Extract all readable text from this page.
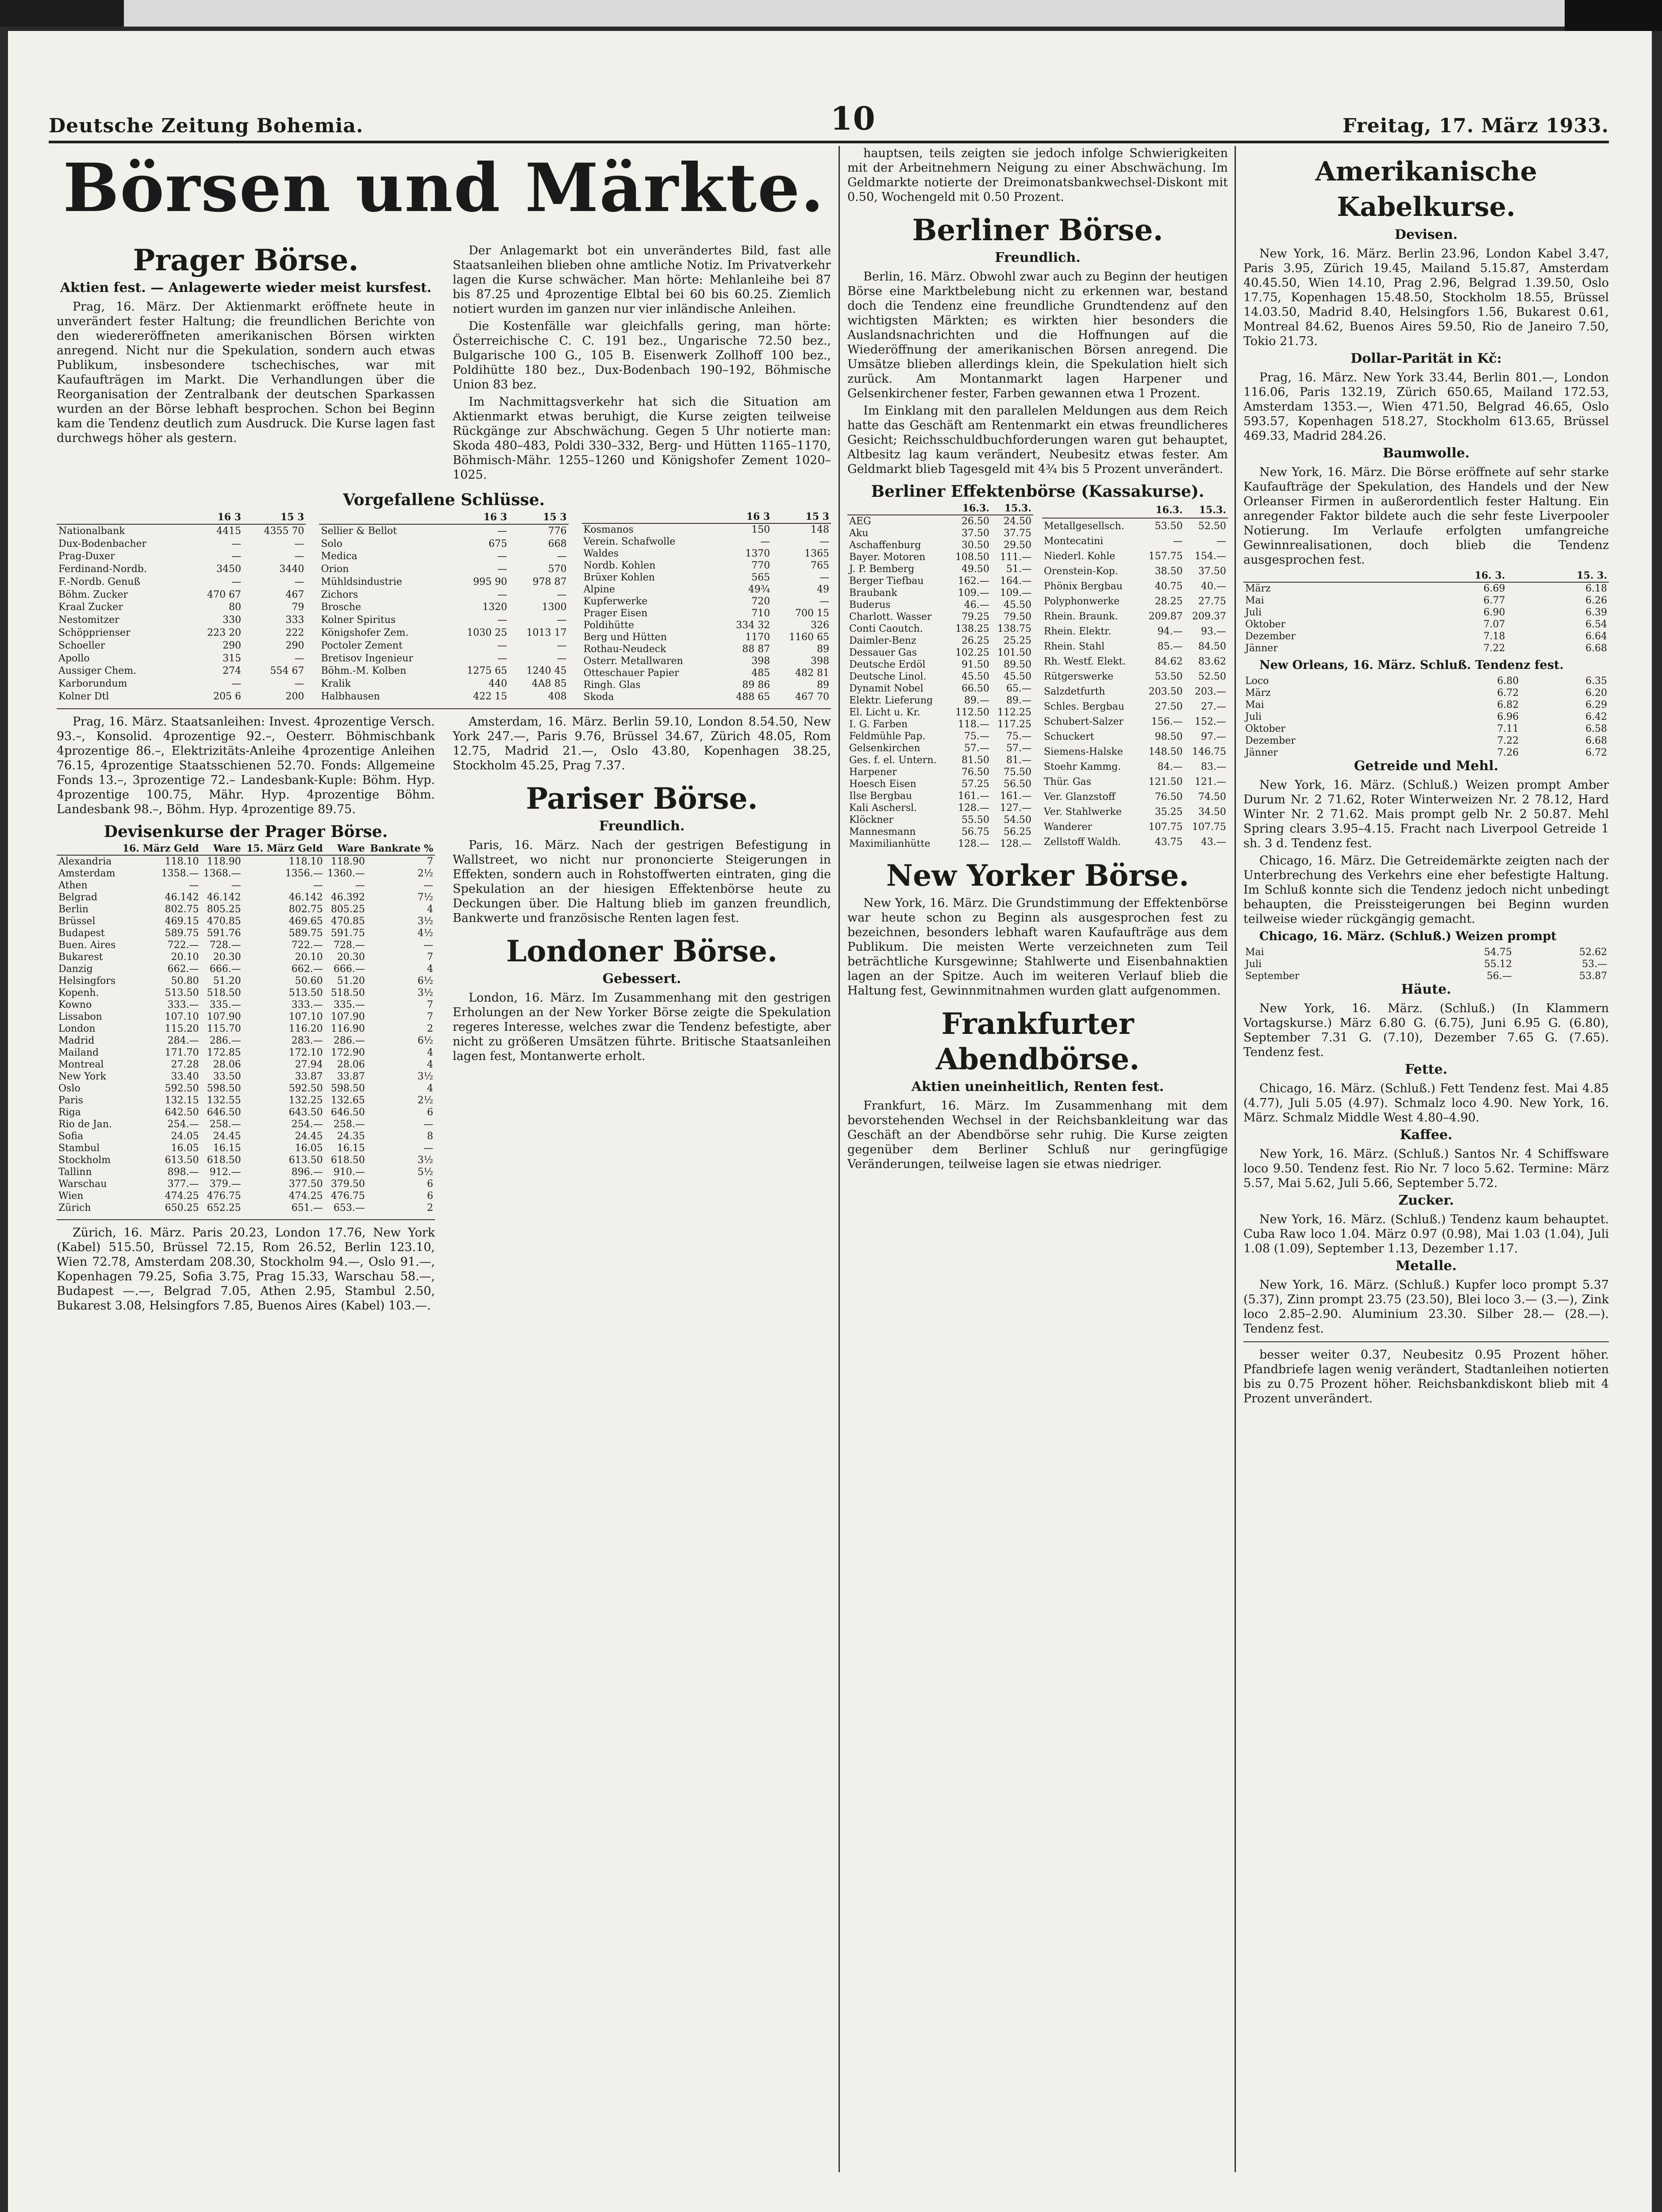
Deutsche Zeitung Bohemia.	10	Freitag, 17. März 1933.
Börsen und Märkte.
Prager Börse.
Aktien fest. — Anlagewerte wieder meist kursfest.

Prag, 16. März. Der Aktienmarkt eröffnete heute in unverändert fester Haltung; die freundlichen Berichte von den wiedereröffneten amerikanischen Börsen wirkten anregend. Nicht nur die Spekulation, sondern auch etwas Publikum, insbesondere tschechisches, war mit Kaufaufträgen im Markt. Die Verhandlungen über die Reorganisation der Zentralbank der deutschen Sparkassen wurden an der Börse lebhaft besprochen. Schon bei Beginn kam die Tendenz deutlich zum Ausdruck. Die Kurse lagen fast durchwegs höher als gestern.

Der Anlagemarkt bot ein unverändertes Bild, fast alle Staatsanleihen blieben ohne amtliche Notiz. Im Privatverkehr lagen die Kurse schwächer. Man hörte: Mehlanleihe bei 87 bis 87.25 und 4prozentige Elbtal bei 60 bis 60.25. Ziemlich notiert wurden im ganzen nur vier inländische Anleihen.

Die Kostenfälle war gleichfalls gering, man hörte: Österreichische C. C. 191 bez., Ungarische 72.50 bez., Bulgarische 100 G., 105 B. Eisenwerk Zollhoff 100 bez., Poldihütte 180 bez., Dux-Bodenbach 190–192, Böhmische Union 83 bez.

Im Nachmittagsverkehr hat sich die Situation am Aktienmarkt etwas beruhigt, die Kurse zeigten teilweise Rückgänge zur Abschwächung. Gegen 5 Uhr notierte man: Skoda 480–483, Poldi 330–332, Berg- und Hütten 1165–1170, Böhmisch-Mähr. 1255–1260 und Königshofer Zement 1020–1025.

Vorgefallene Schlüsse.
	16 3	15 3
Nationalbank	4415	4355 70
Dux-Bodenbacher	—	—
Prag-Duxer	—	—
Ferdinand-Nordb.	3450	3440
F.-Nordb. Genuß	—	—
Böhm. Zucker	470 67	467
Kraal Zucker	80	79
Nestomitzer	330	333
Schöpprienser	223 20	222
Schoeller	290	290
Apollo	315	—
Aussiger Chem.	274	554 67
Karborundum	—	—
Kolner Dtl	205 6	200
	16 3	15 3
Sellier & Bellot	—	776
Solo	675	668
Medica	—	—
Orion	—	570
Mühldsindustrie	995 90	978 87
Zichors	—	—
Brosche	1320	1300
Kolner Spiritus	—	—
Königshofer Zem.	1030 25	1013 17
Poctoler Zement	—	—
Bretisov Ingenieur	—	—
Böhm.-M. Kolben	1275 65	1240 45
Kralik	440	4A8 85
Halbhausen	422 15	408
	16 3	15 3
Kosmanos	150	148
Verein. Schafwolle	—	—
Waldes	1370	1365
Nordb. Kohlen	770	765
Brüxer Kohlen	565	—
Alpine	49¾	49
Kupferwerke	720	—
Prager Eisen	710	700 15
Poldihütte	334 32	326
Berg und Hütten	1170	1160 65
Rothau-Neudeck	88 87	89
Osterr. Metallwaren	398	398
Otteschauer Papier	485	482 81
Ringh. Glas	89 86	89
Skoda	488 65	467 70

Prag, 16. März. Staatsanleihen: Invest. 4prozentige Versch. 93.–, Konsolid. 4prozentige 92.–, Oesterr. Böhmischbank 4prozentige 86.–, Elektrizitäts-Anleihe 4prozentige Anleihen 76.15, 4prozentige Staatsschienen 52.70. Fonds: Allgemeine Fonds 13.–, 3prozentige 72.– Landesbank-Kuple: Böhm. Hyp. 4prozentige 100.75, Mähr. Hyp. 4prozentige Böhm. Landesbank 98.–, Böhm. Hyp. 4prozentige 89.75.

Devisenkurse der Prager Börse.
	16. März Geld	Ware	15. März Geld	Ware	Bankrate %
Alexandria	118.10	118.90	118.10	118.90	7
Amsterdam	1358.—	1368.—	1356.—	1360.—	2½
Athen	—	—	—	—	—
Belgrad	46.142	46.142	46.142	46.392	7½
Berlin	802.75	805.25	802.75	805.25	4
Brüssel	469.15	470.85	469.65	470.85	3½
Budapest	589.75	591.76	589.75	591.75	4½
Buen. Aires	722.—	728.—	722.—	728.—	—
Bukarest	20.10	20.30	20.10	20.30	7
Danzig	662.—	666.—	662.—	666.—	4
Helsingfors	50.80	51.20	50.60	51.20	6½
Kopenh.	513.50	518.50	513.50	518.50	3½
Kowno	333.—	335.—	333.—	335.—	7
Lissabon	107.10	107.90	107.10	107.90	7
London	115.20	115.70	116.20	116.90	2
Madrid	284.—	286.—	283.—	286.—	6½
Mailand	171.70	172.85	172.10	172.90	4
Montreal	27.28	28.06	27.94	28.06	4
New York	33.40	33.50	33.87	33.87	3½
Oslo	592.50	598.50	592.50	598.50	4
Paris	132.15	132.55	132.25	132.65	2½
Riga	642.50	646.50	643.50	646.50	6
Rio de Jan.	254.—	258.—	254.—	258.—	—
Sofia	24.05	24.45	24.45	24.35	8
Stambul	16.05	16.15	16.05	16.15	—
Stockholm	613.50	618.50	613.50	618.50	3½
Tallinn	898.—	912.—	896.—	910.—	5½
Warschau	377.—	379.—	377.50	379.50	6
Wien	474.25	476.75	474.25	476.75	6
Zürich	650.25	652.25	651.—	653.—	2

Zürich, 16. März. Paris 20.23, London 17.76, New York (Kabel) 515.50, Brüssel 72.15, Rom 26.52, Berlin 123.10, Wien 72.78, Amsterdam 208.30, Stockholm 94.—, Oslo 91.—, Kopenhagen 79.25, Sofia 3.75, Prag 15.33, Warschau 58.—, Budapest —.—, Belgrad 7.05, Athen 2.95, Stambul 2.50, Bukarest 3.08, Helsingfors 7.85, Buenos Aires (Kabel) 103.—.

Amsterdam, 16. März. Berlin 59.10, London 8.54.50, New York 247.—, Paris 9.76, Brüssel 34.67, Zürich 48.05, Rom 12.75, Madrid 21.—, Oslo 43.80, Kopenhagen 38.25, Stockholm 45.25, Prag 7.37.

Pariser Börse.
Freundlich.

Paris, 16. März. Nach der gestrigen Befestigung in Wallstreet, wo nicht nur prononcierte Steigerungen in Effekten, sondern auch in Rohstoffwerten eintraten, ging die Spekulation an der hiesigen Effektenbörse heute zu Deckungen über. Die Haltung blieb im ganzen freundlich, Bankwerte und französische Renten lagen fest.

Londoner Börse.
Gebessert.

London, 16. März. Im Zusammenhang mit den gestrigen Erholungen an der New Yorker Börse zeigte die Spekulation regeres Interesse, welches zwar die Tendenz befestigte, aber nicht zu größeren Umsätzen führte. Britische Staatsanleihen lagen fest, Montanwerte erholt.

hauptsen, teils zeigten sie jedoch infolge Schwierigkeiten mit der Arbeitnehmern Neigung zu einer Abschwächung. Im Geldmarkte notierte der Dreimonatsbankwechsel-Diskont mit 0.50, Wochengeld mit 0.50 Prozent.

Berliner Börse.
Freundlich.

Berlin, 16. März. Obwohl zwar auch zu Beginn der heutigen Börse eine Marktbelebung nicht zu erkennen war, bestand doch die Tendenz eine freundliche Grundtendenz auf den wichtigsten Märkten; es wirkten hier besonders die Auslandsnachrichten und die Hoffnungen auf die Wiederöffnung der amerikanischen Börsen anregend. Die Umsätze blieben allerdings klein, die Spekulation hielt sich zurück. Am Montanmarkt lagen Harpener und Gelsenkirchener fester, Farben gewannen etwa 1 Prozent.

Im Einklang mit den parallelen Meldungen aus dem Reich hatte das Geschäft am Rentenmarkt ein etwas freundlicheres Gesicht; Reichsschuldbuchforderungen waren gut behauptet, Altbesitz lag kaum verändert, Neubesitz etwas fester. Am Geldmarkt blieb Tagesgeld mit 4¾ bis 5 Prozent unverändert.

Berliner Effektenbörse (Kassakurse).
	16.3.	15.3.
AEG	26.50	24.50
Aku	37.50	37.75
Aschaffenburg	30.50	29.50
Bayer. Motoren	108.50	111.—
J. P. Bemberg	49.50	51.—
Berger Tiefbau	162.—	164.—
Braubank	109.—	109.—
Buderus	46.—	45.50
Charlott. Wasser	79.25	79.50
Conti Caoutch.	138.25	138.75
Daimler-Benz	26.25	25.25
Dessauer Gas	102.25	101.50
Deutsche Erdöl	91.50	89.50
Deutsche Linol.	45.50	45.50
Dynamit Nobel	66.50	65.—
Elektr. Lieferung	89.—	89.—
El. Licht u. Kr.	112.50	112.25
I. G. Farben	118.—	117.25
Feldmühle Pap.	75.—	75.—
Gelsenkirchen	57.—	57.—
Ges. f. el. Untern.	81.50	81.—
Harpener	76.50	75.50
Hoesch Eisen	57.25	56.50
Ilse Bergbau	161.—	161.—
Kali Aschersl.	128.—	127.—
Klöckner	55.50	54.50
Mannesmann	56.75	56.25
Maximilianhütte	128.—	128.—
	16.3.	15.3.
Metallgesellsch.	53.50	52.50
Montecatini	—	—
Niederl. Kohle	157.75	154.—
Orenstein-Kop.	38.50	37.50
Phönix Bergbau	40.75	40.—
Polyphonwerke	28.25	27.75
Rhein. Braunk.	209.87	209.37
Rhein. Elektr.	94.—	93.—
Rhein. Stahl	85.—	84.50
Rh. Westf. Elekt.	84.62	83.62
Rütgerswerke	53.50	52.50
Salzdetfurth	203.50	203.—
Schles. Bergbau	27.50	27.—
Schubert-Salzer	156.—	152.—
Schuckert	98.50	97.—
Siemens-Halske	148.50	146.75
Stoehr Kammg.	84.—	83.—
Thür. Gas	121.50	121.—
Ver. Glanzstoff	76.50	74.50
Ver. Stahlwerke	35.25	34.50
Wanderer	107.75	107.75
Zellstoff Waldh.	43.75	43.—
New Yorker Börse.

New York, 16. März. Die Grundstimmung der Effektenbörse war heute schon zu Beginn als ausgesprochen fest zu bezeichnen, besonders lebhaft waren Kaufaufträge aus dem Publikum. Die meisten Werte verzeichneten zum Teil beträchtliche Kursgewinne; Stahlwerte und Eisenbahnaktien lagen an der Spitze. Auch im weiteren Verlauf blieb die Haltung fest, Gewinnmitnahmen wurden glatt aufgenommen.

Frankfurter Abendbörse.
Aktien uneinheitlich, Renten fest.

Frankfurt, 16. März. Im Zusammenhang mit dem bevorstehenden Wechsel in der Reichsbankleitung war das Geschäft an der Abendbörse sehr ruhig. Die Kurse zeigten gegenüber dem Berliner Schluß nur geringfügige Veränderungen, teilweise lagen sie etwas niedriger.

Amerikanische Kabelkurse.
Devisen.

New York, 16. März. Berlin 23.96, London Kabel 3.47, Paris 3.95, Zürich 19.45, Mailand 5.15.87, Amsterdam 40.45.50, Wien 14.10, Prag 2.96, Belgrad 1.39.50, Oslo 17.75, Kopenhagen 15.48.50, Stockholm 18.55, Brüssel 14.03.50, Madrid 8.40, Helsingfors 1.56, Bukarest 0.61, Montreal 84.62, Buenos Aires 59.50, Rio de Janeiro 7.50, Tokio 21.73.

Dollar-Parität in Kč:

Prag, 16. März. New York 33.44, Berlin 801.—, London 116.06, Paris 132.19, Zürich 650.65, Mailand 172.53, Amsterdam 1353.—, Wien 471.50, Belgrad 46.65, Oslo 593.57, Kopenhagen 518.27, Stockholm 613.65, Brüssel 469.33, Madrid 284.26.

Baumwolle.

New York, 16. März. Die Börse eröffnete auf sehr starke Kaufaufträge der Spekulation, des Handels und der New Orleanser Firmen in außerordentlich fester Haltung. Ein anregender Faktor bildete auch die sehr feste Liverpooler Notierung. Im Verlaufe erfolgten umfangreiche Gewinnrealisationen, doch blieb die Tendenz ausgesprochen fest.

	16. 3.	15. 3.
März	6.69	6.18
Mai	6.77	6.26
Juli	6.90	6.39
Oktober	7.07	6.54
Dezember	7.18	6.64
Jänner	7.22	6.68

New Orleans, 16. März. Schluß. Tendenz fest.

Loco	6.80	6.35
März	6.72	6.20
Mai	6.82	6.29
Juli	6.96	6.42
Oktober	7.11	6.58
Dezember	7.22	6.68
Jänner	7.26	6.72
Getreide und Mehl.

New York, 16. März. (Schluß.) Weizen prompt Amber Durum Nr. 2 71.62, Roter Winterweizen Nr. 2 78.12, Hard Winter Nr. 2 71.62. Mais prompt gelb Nr. 2 50.87. Mehl Spring clears 3.95–4.15. Fracht nach Liverpool Getreide 1 sh. 3 d. Tendenz fest.

Chicago, 16. März. Die Getreidemärkte zeigten nach der Unterbrechung des Verkehrs eine eher befestigte Haltung. Im Schluß konnte sich die Tendenz jedoch nicht unbedingt behaupten, die Preissteigerungen bei Beginn wurden teilweise wieder rückgängig gemacht.

Chicago, 16. März. (Schluß.) Weizen prompt

Mai	54.75	52.62
Juli	55.12	53.—
September	56.—	53.87
Häute.

New York, 16. März. (Schluß.) (In Klammern Vortagskurse.) März 6.80 G. (6.75), Juni 6.95 G. (6.80), September 7.31 G. (7.10), Dezember 7.65 G. (7.65). Tendenz fest.

Fette.

Chicago, 16. März. (Schluß.) Fett Tendenz fest. Mai 4.85 (4.77), Juli 5.05 (4.97). Schmalz loco 4.90. New York, 16. März. Schmalz Middle West 4.80–4.90.

Kaffee.

New York, 16. März. (Schluß.) Santos Nr. 4 Schiffsware loco 9.50. Tendenz fest. Rio Nr. 7 loco 5.62. Termine: März 5.57, Mai 5.62, Juli 5.66, September 5.72.

Zucker.

New York, 16. März. (Schluß.) Tendenz kaum behauptet. Cuba Raw loco 1.04. März 0.97 (0.98), Mai 1.03 (1.04), Juli 1.08 (1.09), September 1.13, Dezember 1.17.

Metalle.

New York, 16. März. (Schluß.) Kupfer loco prompt 5.37 (5.37), Zinn prompt 23.75 (23.50), Blei loco 3.— (3.—), Zink loco 2.85–2.90. Aluminium 23.30. Silber 28.— (28.—). Tendenz fest.

besser weiter 0.37, Neubesitz 0.95 Prozent höher. Pfandbriefe lagen wenig verändert, Stadtanleihen notierten bis zu 0.75 Prozent höher. Reichsbankdiskont blieb mit 4 Prozent unverändert.
